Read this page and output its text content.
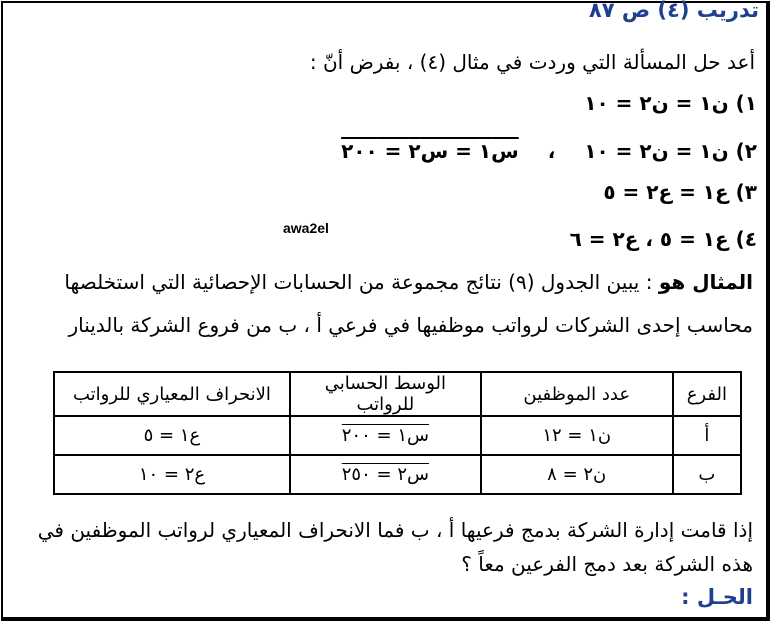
تدريب (٤) ص ٨٧
أعد حل المسألة التي وردت في مثال (٤) ، بفرض أنّ :
١) ن١ = ن٢ = ١٠
٢) ن١ = ن٢ = ١٠ ، س١ = س٢ = ٢٠٠
٣) ع١ = ع٢ = ٥
٤) ع١ = ٥ ، ع٢ = ٦
awa2el
المثال هو : يبين الجدول (٩) نتائج مجموعة من الحسابات الإحصائية التي استخلصها
محاسب إحدى الشركات لرواتب موظفيها في فرعي أ ، ب من فروع الشركة بالدينار
الفرع	عدد الموظفين	الوسط الحسابي للرواتب	الانحراف المعياري للرواتب
أ	ن١ = ١٢	س١ = ٢٠٠	ع١ = ٥
ب	ن٢ = ٨	س٢ = ٢٥٠	ع٢ = ١٠
إذا قامت إدارة الشركة بدمج فرعيها أ ، ب فما الانحراف المعياري لرواتب الموظفين في
هذه الشركة بعد دمج الفرعين معاً ؟
الحـل :
